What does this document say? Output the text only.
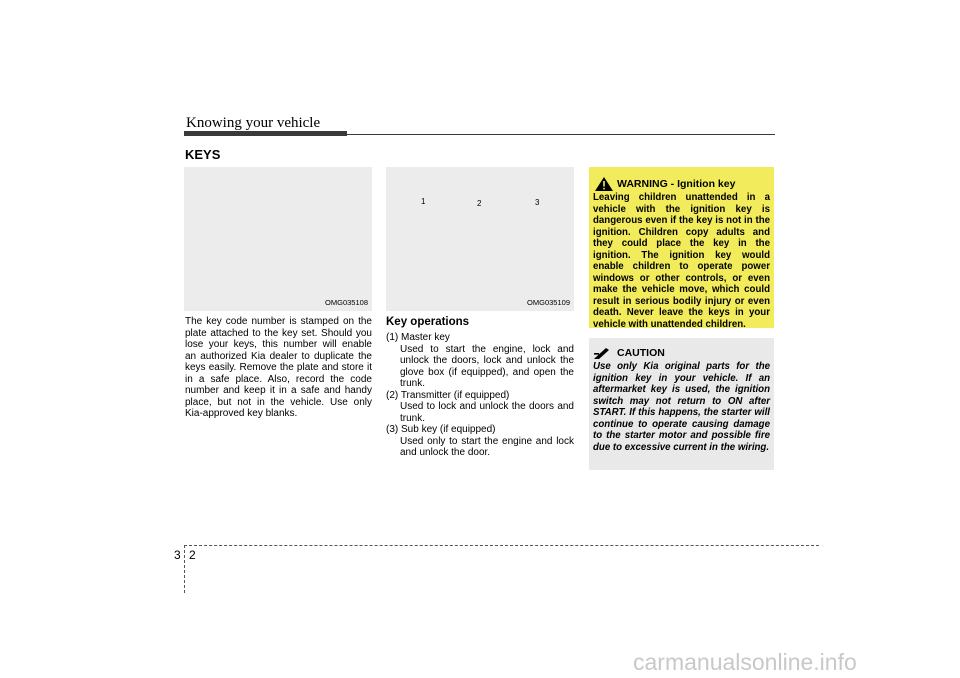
Knowing your vehicle
KEYS
OMG035108
1	2	3
OMG035109
The key code number is stamped on the
plate attached to the key set. Should you
lose your keys, this number will enable
an authorized Kia dealer to duplicate the
keys easily. Remove the plate and store it
in a safe place. Also, record the code
number and keep it in a safe and handy
place, but not in the vehicle. Use only
Kia-approved key blanks.
Key operations

(1) Master key

Used to start the engine, lock and unlock the doors, lock and unlock the glove box (if equipped), and open the trunk.

(2) Transmitter (if equipped)

Used to lock and unlock the doors and trunk.

(3) Sub key (if equipped)

Used only to start the engine and lock and unlock the door.

WARNING - Ignition key
Leaving children unattended in a vehicle with the ignition key is dangerous even if the key is not in the ignition. Children copy adults and they could place the key in the ignition. The ignition key would enable children to operate power windows or other controls, or even make the vehicle move, which could result in serious bodily injury or even death. Never leave the keys in your vehicle with unattended children.
CAUTION
Use only Kia original parts for the ignition key in your vehicle. If an aftermarket key is used, the ignition switch may not return to ON after START. If this happens, the starter will continue to operate causing damage to the starter motor and possible fire due to excessive current in the wiring.
3 2
carmanualsonline.info
